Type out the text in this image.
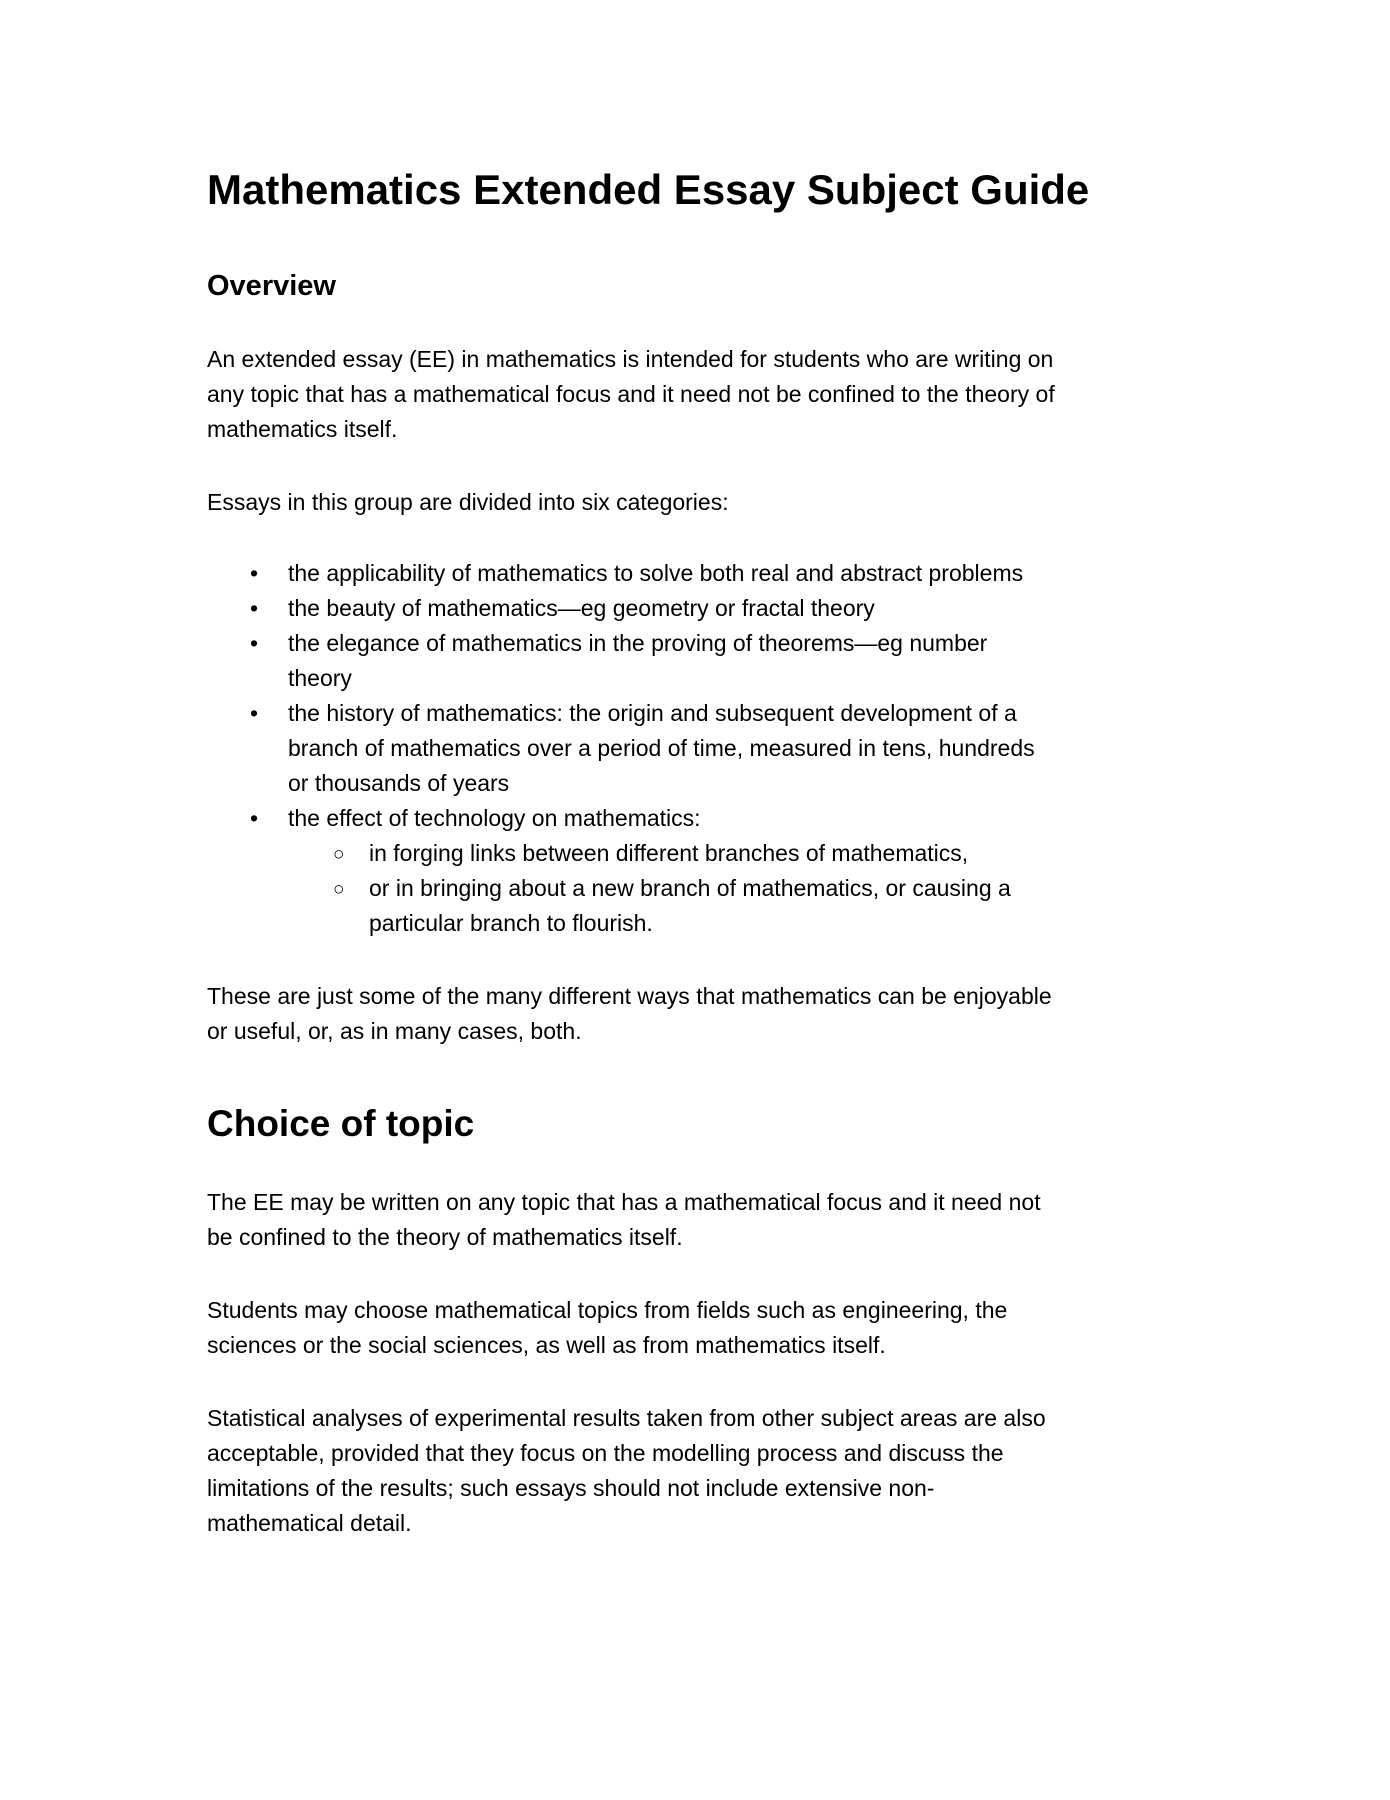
Mathematics Extended Essay Subject Guide
Overview

An extended essay (EE) in mathematics is intended for students who are writing on any topic that has a mathematical focus and it need not be confined to the theory of mathematics itself.

Essays in this group are divided into six categories:

• the applicability of mathematics to solve both real and abstract problems
• the beauty of mathematics—eg geometry or fractal theory
• the elegance of mathematics in the proving of theorems—eg number theory
• the history of mathematics: the origin and subsequent development of a branch of mathematics over a period of time, measured in tens, hundreds or thousands of years
• the effect of technology on mathematics:
○ in forging links between different branches of mathematics,
○ or in bringing about a new branch of mathematics, or causing a particular branch to flourish.

These are just some of the many different ways that mathematics can be enjoyable or useful, or, as in many cases, both.

Choice of topic

The EE may be written on any topic that has a mathematical focus and it need not be confined to the theory of mathematics itself.

Students may choose mathematical topics from fields such as engineering, the sciences or the social sciences, as well as from mathematics itself.

Statistical analyses of experimental results taken from other subject areas are also acceptable, provided that they focus on the modelling process and discuss the limitations of the results; such essays should not include extensive non-mathematical detail.
